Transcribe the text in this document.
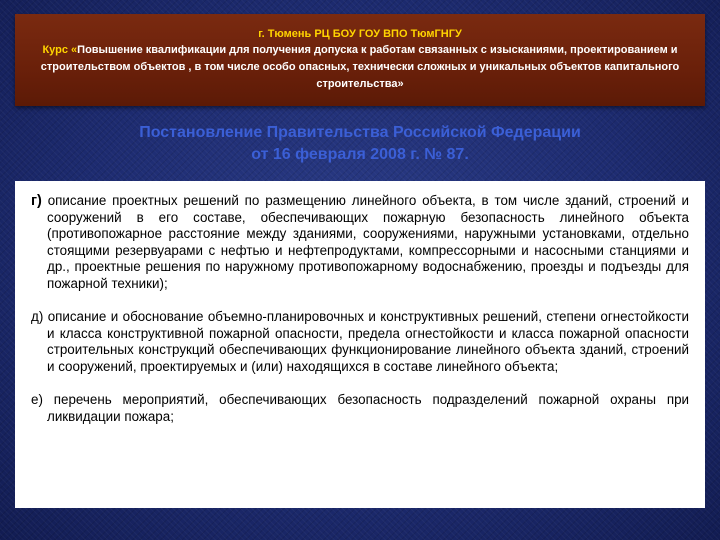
г. Тюмень РЦ БОУ ГОУ ВПО ТюмГНГУ
Курс «Повышение квалификации для получения допуска к работам связанных с изысканиями, проектированием и строительством объектов , в том числе особо опасных, технически сложных и уникальных объектов капитального строительства»
Постановление Правительства Российской Федерации
от 16 февраля 2008 г. № 87.

г) описание проектных решений по размещению линейного объекта, в том числе зданий, строений и сооружений в его составе, обеспечивающих пожарную безопасность линейного объекта (противопожарное расстояние между зданиями, сооружениями, наружными установками, отдельно стоящими резервуарами с нефтью и нефтепродуктами, компрессорными и насосными станциями и др., проектные решения по наружному противопожарному водоснабжению, проезды и подъезды для пожарной техники);

д) описание и обоснование объемно-планировочных и конструктивных решений, степени огнестойкости и класса конструктивной пожарной опасности, предела огнестойкости и класса пожарной опасности строительных конструкций обеспечивающих функционирование линейного объекта зданий, строений и сооружений, проектируемых и (или) находящихся в составе линейного объекта;

е) перечень мероприятий, обеспечивающих безопасность подразделений пожарной охраны при ликвидации пожара;
